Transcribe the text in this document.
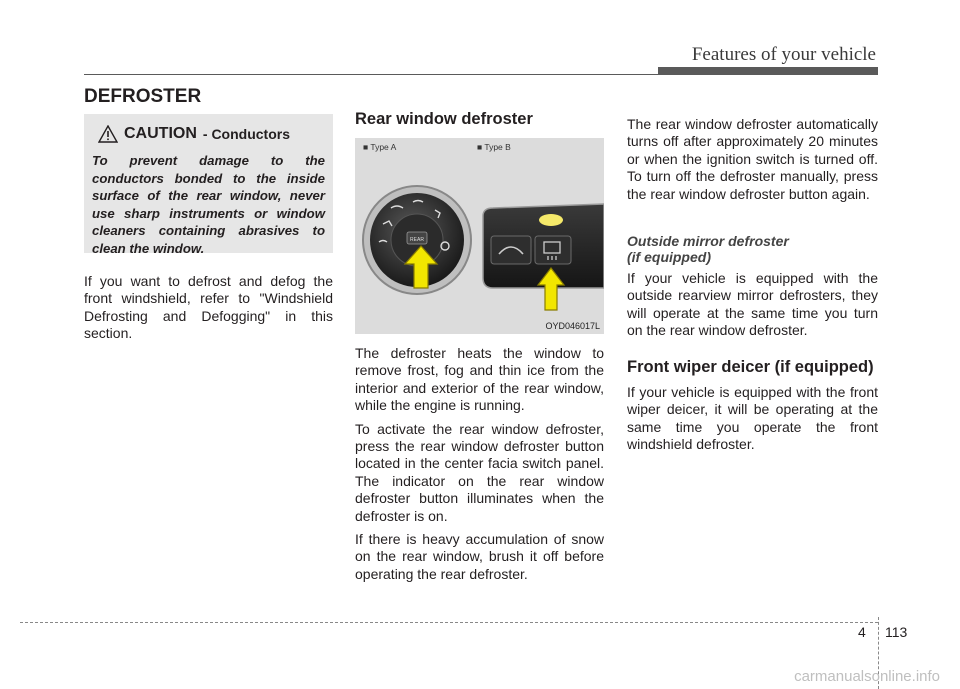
Features of your vehicle
DEFROSTER
CAUTION - Conductors
To prevent damage to the conductors bonded to the inside surface of the rear window, never use sharp instruments or window cleaners containing abrasives to clean the window.
If you want to defrost and defog the front windshield, refer to "Windshield Defrosting and Defogging" in this section.
Rear window defroster
■ Type A	■ Type B
REAR
OYD046017L

The defroster heats the window to remove frost, fog and thin ice from the interior and exterior of the rear window, while the engine is running.

To activate the rear window defroster, press the rear window defroster button located in the center facia switch panel. The indicator on the rear window defroster button illuminates when the defroster is on.

If there is heavy accumulation of snow on the rear window, brush it off before operating the rear defroster.

The rear window defroster automatically turns off after approximately 20 minutes or when the ignition switch is turned off. To turn off the defroster manually, press the rear window defroster button again.

Outside mirror defroster
(if equipped)
If your vehicle is equipped with the outside rearview mirror defrosters, they will operate at the same time you turn on the rear window defroster.
Front wiper deicer (if equipped)
If your vehicle is equipped with the front wiper deicer, it will be operating at the same time you operate the front windshield defroster.
4 113
carmanualsonline.info
